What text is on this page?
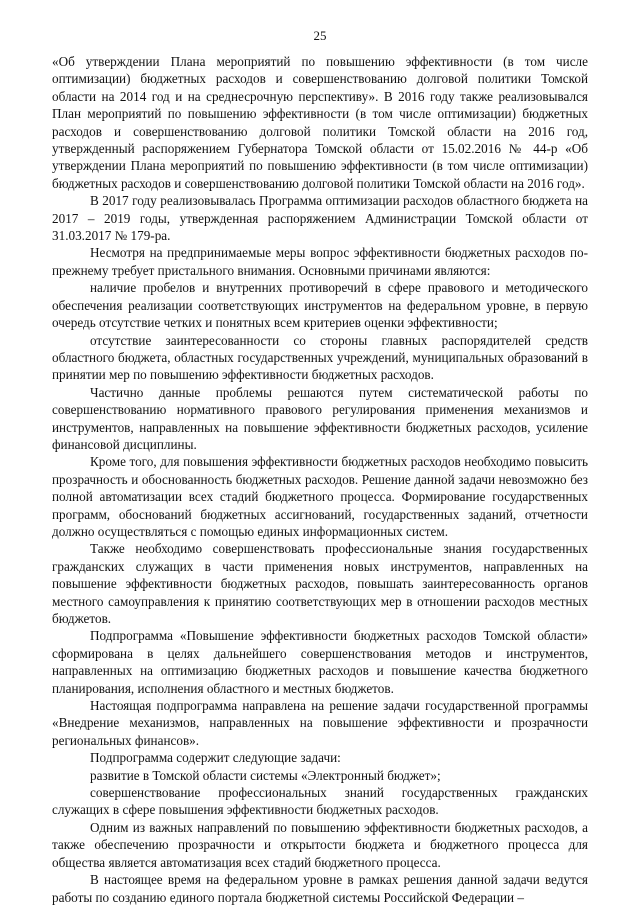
25

«Об утверждении Плана мероприятий по повышению эффективности (в том числе оптимизации) бюджетных расходов и совершенствованию долговой политики Томской области на 2014 год и на среднесрочную перспективу». В 2016 году также реализовывался План мероприятий по повышению эффективности (в том числе оптимизации) бюджетных расходов и совершенствованию долговой политики Томской области на 2016 год, утвержденный распоряжением Губернатора Томской области от 15.02.2016 № 44-р «Об утверждении Плана мероприятий по повышению эффективности (в том числе оптимизации) бюджетных расходов и совершенствованию долговой политики Томской области на 2016 год».

В 2017 году реализовывалась Программа оптимизации расходов областного бюджета на 2017 – 2019 годы, утвержденная распоряжением Администрации Томской области от 31.03.2017 № 179-ра.

Несмотря на предпринимаемые меры вопрос эффективности бюджетных расходов по-прежнему требует пристального внимания. Основными причинами являются:

наличие пробелов и внутренних противоречий в сфере правового и методического обеспечения реализации соответствующих инструментов на федеральном уровне, в первую очередь отсутствие четких и понятных всем критериев оценки эффективности;

отсутствие заинтересованности со стороны главных распорядителей средств областного бюджета, областных государственных учреждений, муниципальных образований в принятии мер по повышению эффективности бюджетных расходов.

Частично данные проблемы решаются путем систематической работы по совершенствованию нормативного правового регулирования применения механизмов и инструментов, направленных на повышение эффективности бюджетных расходов, усиление финансовой дисциплины.

Кроме того, для повышения эффективности бюджетных расходов необходимо повысить прозрачность и обоснованность бюджетных расходов. Решение данной задачи невозможно без полной автоматизации всех стадий бюджетного процесса. Формирование государственных программ, обоснований бюджетных ассигнований, государственных заданий, отчетности должно осуществляться с помощью единых информационных систем.

Также необходимо совершенствовать профессиональные знания государственных гражданских служащих в части применения новых инструментов, направленных на повышение эффективности бюджетных расходов, повышать заинтересованность органов местного самоуправления к принятию соответствующих мер в отношении расходов местных бюджетов.

Подпрограмма «Повышение эффективности бюджетных расходов Томской области» сформирована в целях дальнейшего совершенствования методов и инструментов, направленных на оптимизацию бюджетных расходов и повышение качества бюджетного планирования, исполнения областного и местных бюджетов.

Настоящая подпрограмма направлена на решение задачи государственной программы «Внедрение механизмов, направленных на повышение эффективности и прозрачности региональных финансов».

Подпрограмма содержит следующие задачи:

развитие в Томской области системы «Электронный бюджет»;

совершенствование профессиональных знаний государственных гражданских служащих в сфере повышения эффективности бюджетных расходов.

Одним из важных направлений по повышению эффективности бюджетных расходов, а также обеспечению прозрачности и открытости бюджета и бюджетного процесса для общества является автоматизация всех стадий бюджетного процесса.

В настоящее время на федеральном уровне в рамках решения данной задачи ведутся работы по созданию единого портала бюджетной системы Российской Федерации –
